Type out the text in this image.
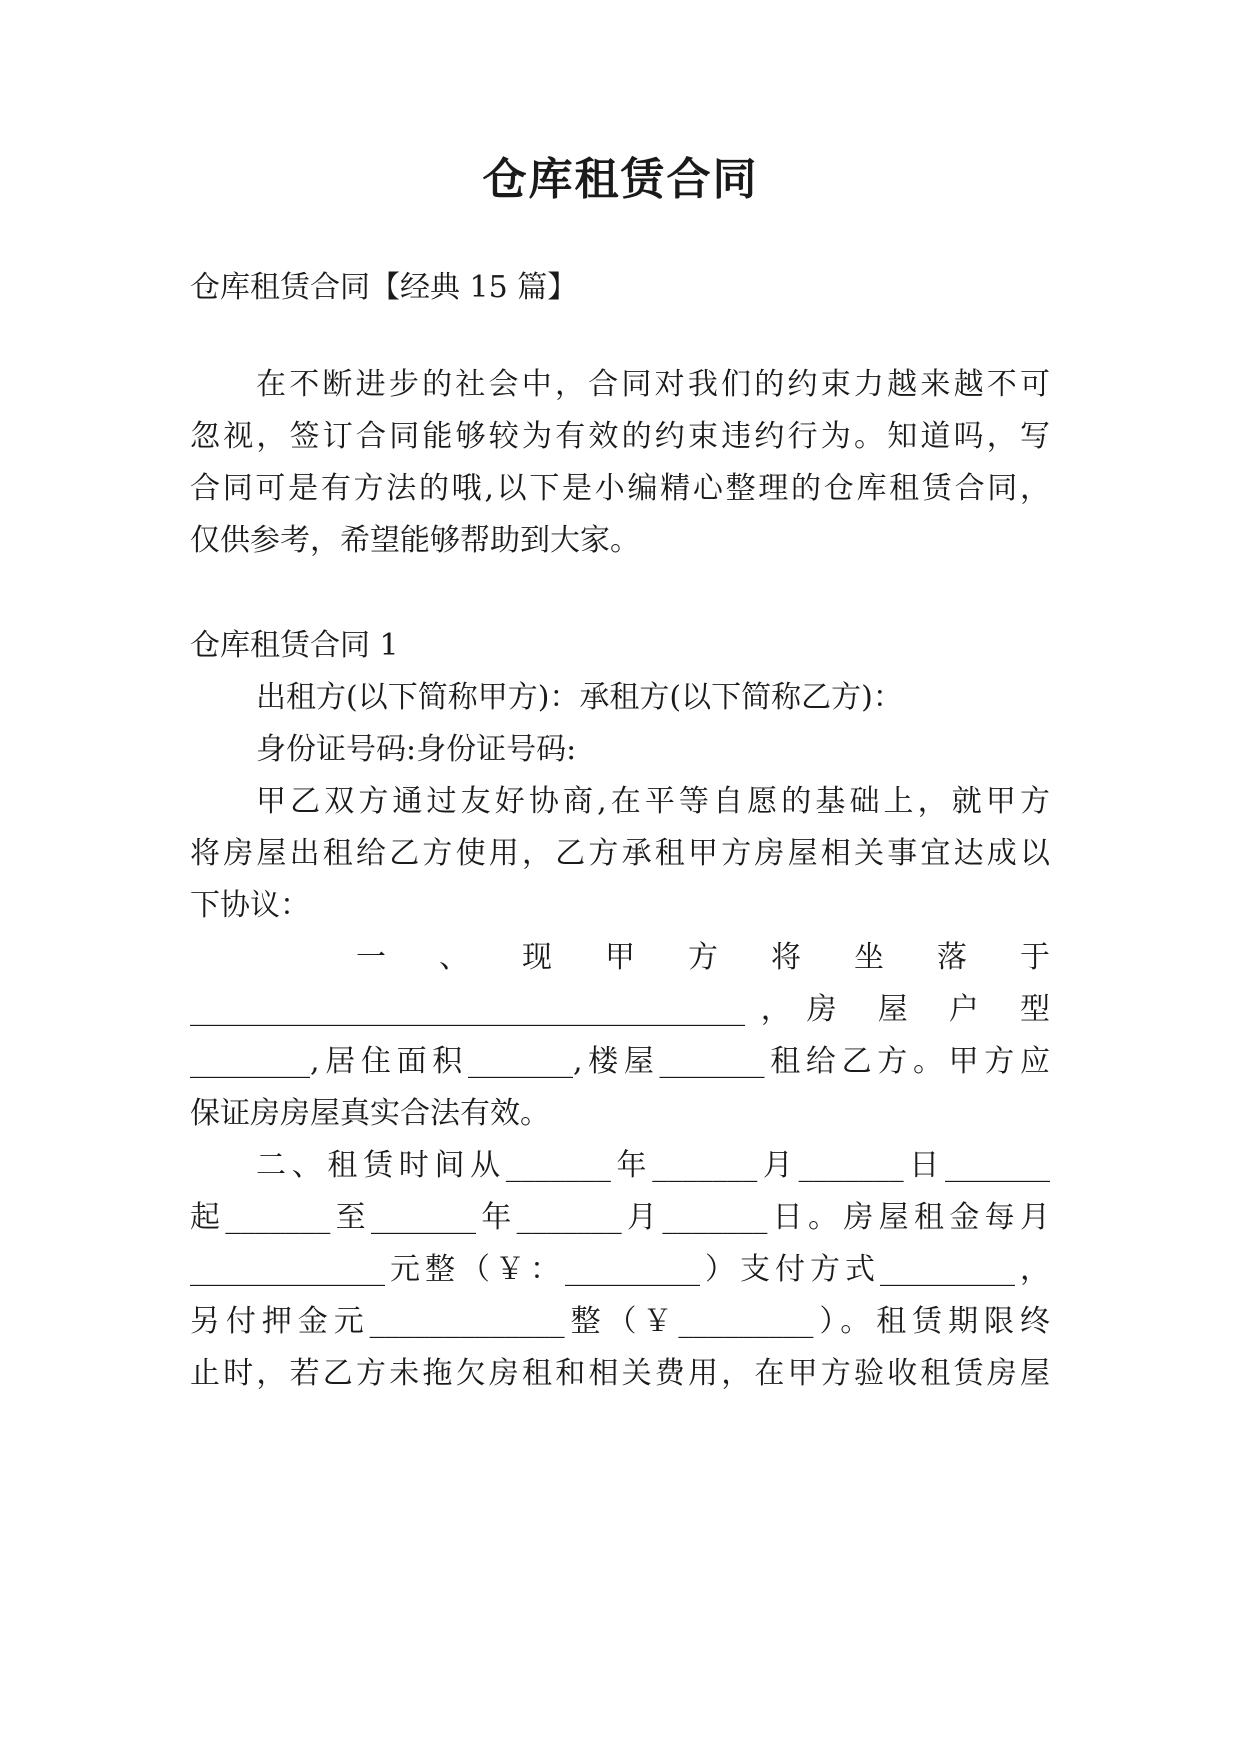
仓库租赁合同
仓库租赁合同【经典 15 篇】
在不断进步的社会中，合同对我们的约束力越来越不可
忽视，签订合同能够较为有效的约束违约行为。知道吗，写
合同可是有方法的哦,以下是小编精心整理的仓库租赁合同，
仅供参考，希望能够帮助到大家。
仓库租赁合同 1
出租方(以下简称甲方)：承租方(以下简称乙方)：
身份证号码:身份证号码:
甲乙双方通过友好协商,在平等自愿的基础上，就甲方
将房屋出租给乙方使用，乙方承租甲方房屋相关事宜达成以
下协议：
一 、 现 甲 方 将 坐 落 于
_____________________________________，房 屋 户 型
________,居住面积_______,楼屋_______租给乙方。甲方应
保证房房屋真实合法有效。
二、租赁时间从_______年_______月_______日_______
起_______至_______年_______月_______日。房屋租金每月
_____________元整（￥：_________）支付方式_________，
另付押金元_____________整（￥_________）。租赁期限终
止时，若乙方未拖欠房租和相关费用，在甲方验收租赁房屋
